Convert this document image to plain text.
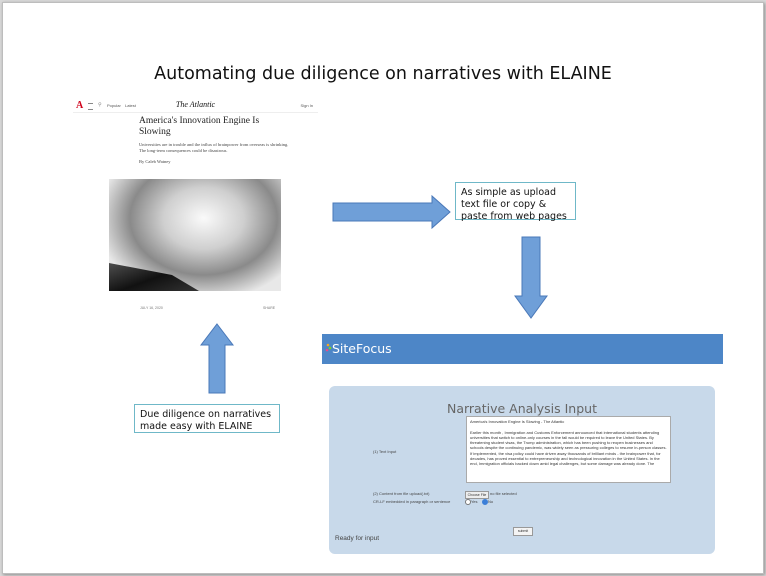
Automating due diligence on narratives with ELAINE
A	⚲ Popular Latest	The Atlantic	Sign In
America's Innovation Engine Is Slowing
Universities are in trouble and the influx of brainpower from overseas is shrinking. The long-term consequences could be disastrous.
By Caleb Watney
JULY 16, 2020	SHARE
As simple as upload text file or copy & paste from web pages
Due diligence on narratives made easy with ELAINE
SiteFocus
Narrative Analysis Input
(1) Text Input
America's Innovation Engine Is Slowing - The Atlantic

Earlier this month , Immigration and Customs Enforcement announced that international students attending universities that switch to online-only courses in the fall would be required to leave the United States. By threatening student visas, the Trump administration, which has been pushing to reopen businesses and schools despite the continuing pandemic, was widely seen as pressuring colleges to resume in-person classes. If implemented, the visa policy could have driven away thousands of brilliant minds - the brainpower that, for decades, has proved essential to entrepreneurship and technological innovation in the United States. In the end, Immigration officials backed down amid legal challenges, but some damage was already done. The
(2) Content from file upload(.txt)	Choose File no file selected
CR-LF embedded in paragraph or sentence	Yes	No
submit
Ready for input
